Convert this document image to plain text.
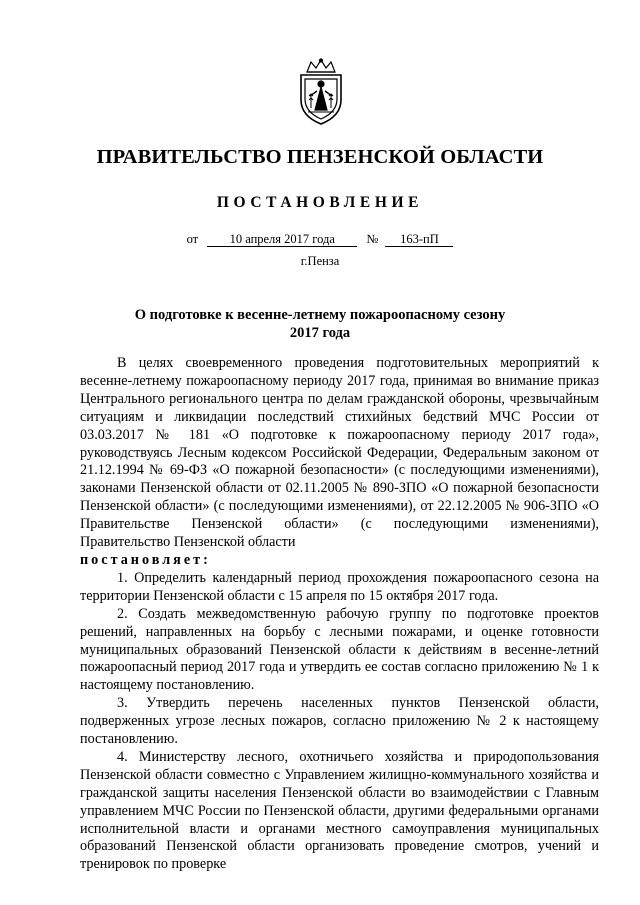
ПРАВИТЕЛЬСТВО ПЕНЗЕНСКОЙ ОБЛАСТИ
ПОСТАНОВЛЕНИЕ
от	10 апреля 2017 года	№ 163-пП
г.Пенза
О подготовке к весенне-летнему пожароопасному сезону
2017 года

В целях своевременного проведения подготовительных мероприятий к весенне-летнему пожароопасному периоду 2017 года, принимая во внимание приказ Центрального регионального центра по делам гражданской обороны, чрезвычайным ситуациям и ликвидации последствий стихийных бедствий МЧС России от 03.03.2017 № 181 «О подготовке к пожароопасному периоду 2017 года», руководствуясь Лесным кодексом Российской Федерации, Федеральным законом от 21.12.1994 № 69-ФЗ «О пожарной безопасности» (с последующими изменениями), законами Пензенской области от 02.11.2005 № 890-ЗПО «О пожарной безопасности Пензенской области» (с последующими изменениями), от 22.12.2005 № 906-ЗПО «О Правительстве Пензенской области» (с последующими изменениями), Правительство Пензенской области

постановляет:

1. Определить календарный период прохождения пожароопасного сезона на территории Пензенской области с 15 апреля по 15 октября 2017 года.

2. Создать межведомственную рабочую группу по подготовке проектов решений, направленных на борьбу с лесными пожарами, и оценке готовности муниципальных образований Пензенской области к действиям в весенне-летний пожароопасный период 2017 года и утвердить ее состав согласно приложению № 1 к настоящему постановлению.

3. Утвердить перечень населенных пунктов Пензенской области, подверженных угрозе лесных пожаров, согласно приложению № 2 к настоящему постановлению.

4. Министерству лесного, охотничьего хозяйства и природопользования Пензенской области совместно с Управлением жилищно-коммунального хозяйства и гражданской защиты населения Пензенской области во взаимодействии с Главным управлением МЧС России по Пензенской области, другими федеральными органами исполнительной власти и органами местного самоуправления муниципальных образований Пензенской области организовать проведение смотров, учений и тренировок по проверке
